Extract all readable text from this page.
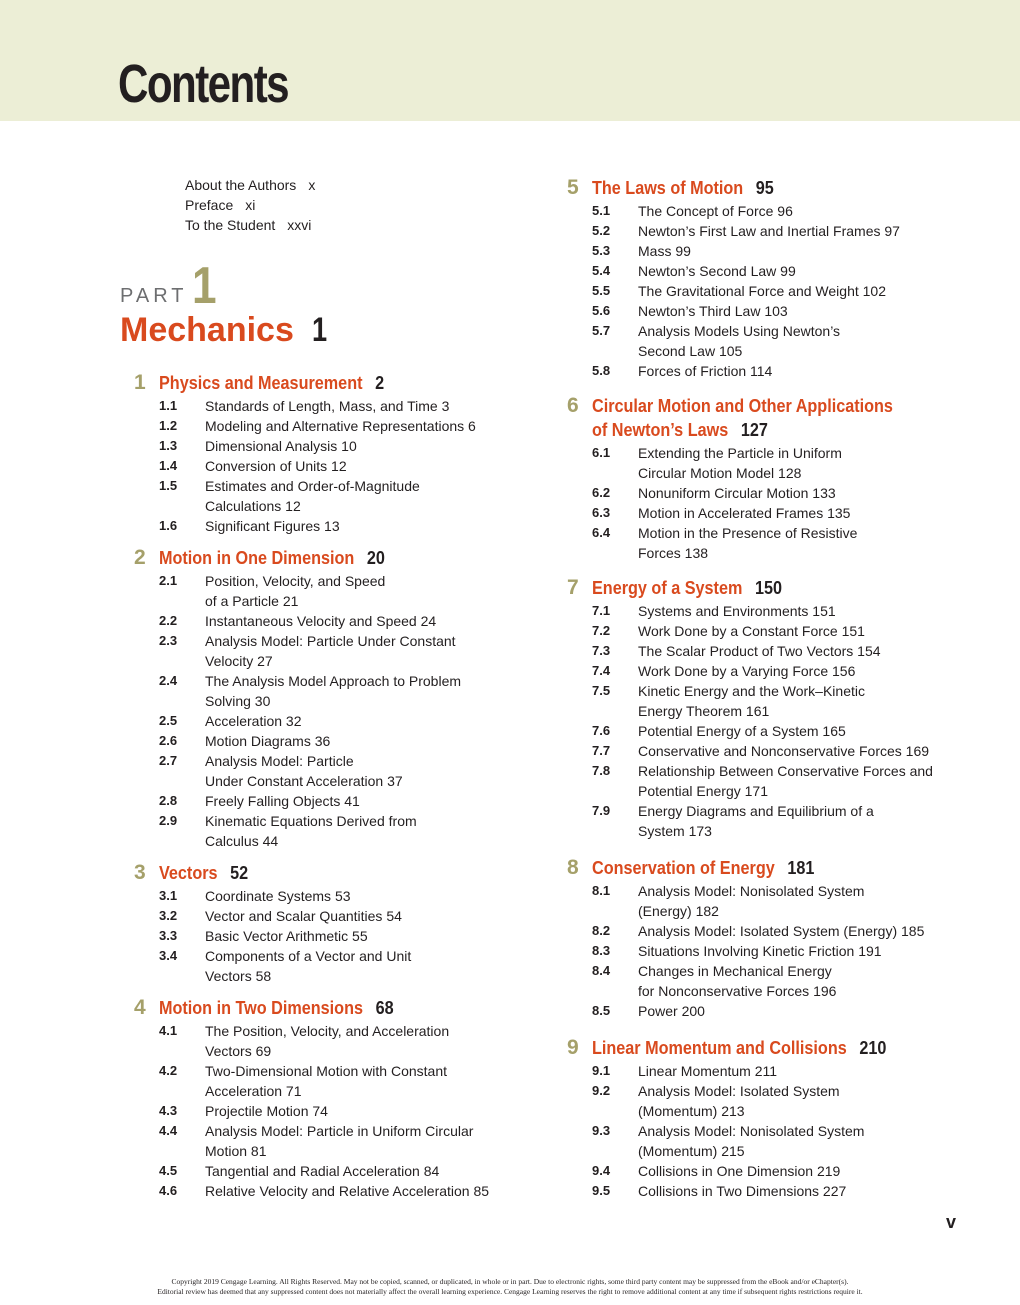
Contents
About the Authors x
Preface xi
To the Student xxvi
PART 1
Mechanics 1
1 Physics and Measurement 2
1.1 Standards of Length, Mass, and Time 3
1.2 Modeling and Alternative Representations 6
1.3 Dimensional Analysis 10
1.4 Conversion of Units 12
1.5 Estimates and Order-of-Magnitude
Calculations 12
1.6 Significant Figures 13
2 Motion in One Dimension 20
2.1 Position, Velocity, and Speed
of a Particle 21
2.2 Instantaneous Velocity and Speed 24
2.3 Analysis Model: Particle Under Constant
Velocity 27
2.4 The Analysis Model Approach to Problem
Solving 30
2.5 Acceleration 32
2.6 Motion Diagrams 36
2.7 Analysis Model: Particle
Under Constant Acceleration 37
2.8 Freely Falling Objects 41
2.9 Kinematic Equations Derived from
Calculus 44
3 Vectors 52
3.1 Coordinate Systems 53
3.2 Vector and Scalar Quantities 54
3.3 Basic Vector Arithmetic 55
3.4 Components of a Vector and Unit
Vectors 58
4 Motion in Two Dimensions 68
4.1 The Position, Velocity, and Acceleration
Vectors 69
4.2 Two-Dimensional Motion with Constant
Acceleration 71
4.3 Projectile Motion 74
4.4 Analysis Model: Particle in Uniform Circular
Motion 81
4.5 Tangential and Radial Acceleration 84
4.6 Relative Velocity and Relative Acceleration 85
5 The Laws of Motion 95
5.1 The Concept of Force 96
5.2 Newton’s First Law and Inertial Frames 97
5.3 Mass 99
5.4 Newton’s Second Law 99
5.5 The Gravitational Force and Weight 102
5.6 Newton’s Third Law 103
5.7 Analysis Models Using Newton’s
Second Law 105
5.8 Forces of Friction 114
6 Circular Motion and Other Applications
of Newton’s Laws 127
6.1 Extending the Particle in Uniform
Circular Motion Model 128
6.2 Nonuniform Circular Motion 133
6.3 Motion in Accelerated Frames 135
6.4 Motion in the Presence of Resistive
Forces 138
7 Energy of a System 150
7.1 Systems and Environments 151
7.2 Work Done by a Constant Force 151
7.3 The Scalar Product of Two Vectors 154
7.4 Work Done by a Varying Force 156
7.5 Kinetic Energy and the Work–Kinetic
Energy Theorem 161
7.6 Potential Energy of a System 165
7.7 Conservative and Nonconservative Forces 169
7.8 Relationship Between Conservative Forces and
Potential Energy 171
7.9 Energy Diagrams and Equilibrium of a
System 173
8 Conservation of Energy 181
8.1 Analysis Model: Nonisolated System
(Energy) 182
8.2 Analysis Model: Isolated System (Energy) 185
8.3 Situations Involving Kinetic Friction 191
8.4 Changes in Mechanical Energy
for Nonconservative Forces 196
8.5 Power 200
9 Linear Momentum and Collisions 210
9.1 Linear Momentum 211
9.2 Analysis Model: Isolated System
(Momentum) 213
9.3 Analysis Model: Nonisolated System
(Momentum) 215
9.4 Collisions in One Dimension 219
9.5 Collisions in Two Dimensions 227
v
Copyright 2019 Cengage Learning. All Rights Reserved. May not be copied, scanned, or duplicated, in whole or in part. Due to electronic rights, some third party content may be suppressed from the eBook and/or eChapter(s).
Editorial review has deemed that any suppressed content does not materially affect the overall learning experience. Cengage Learning reserves the right to remove additional content at any time if subsequent rights restrictions require it.
